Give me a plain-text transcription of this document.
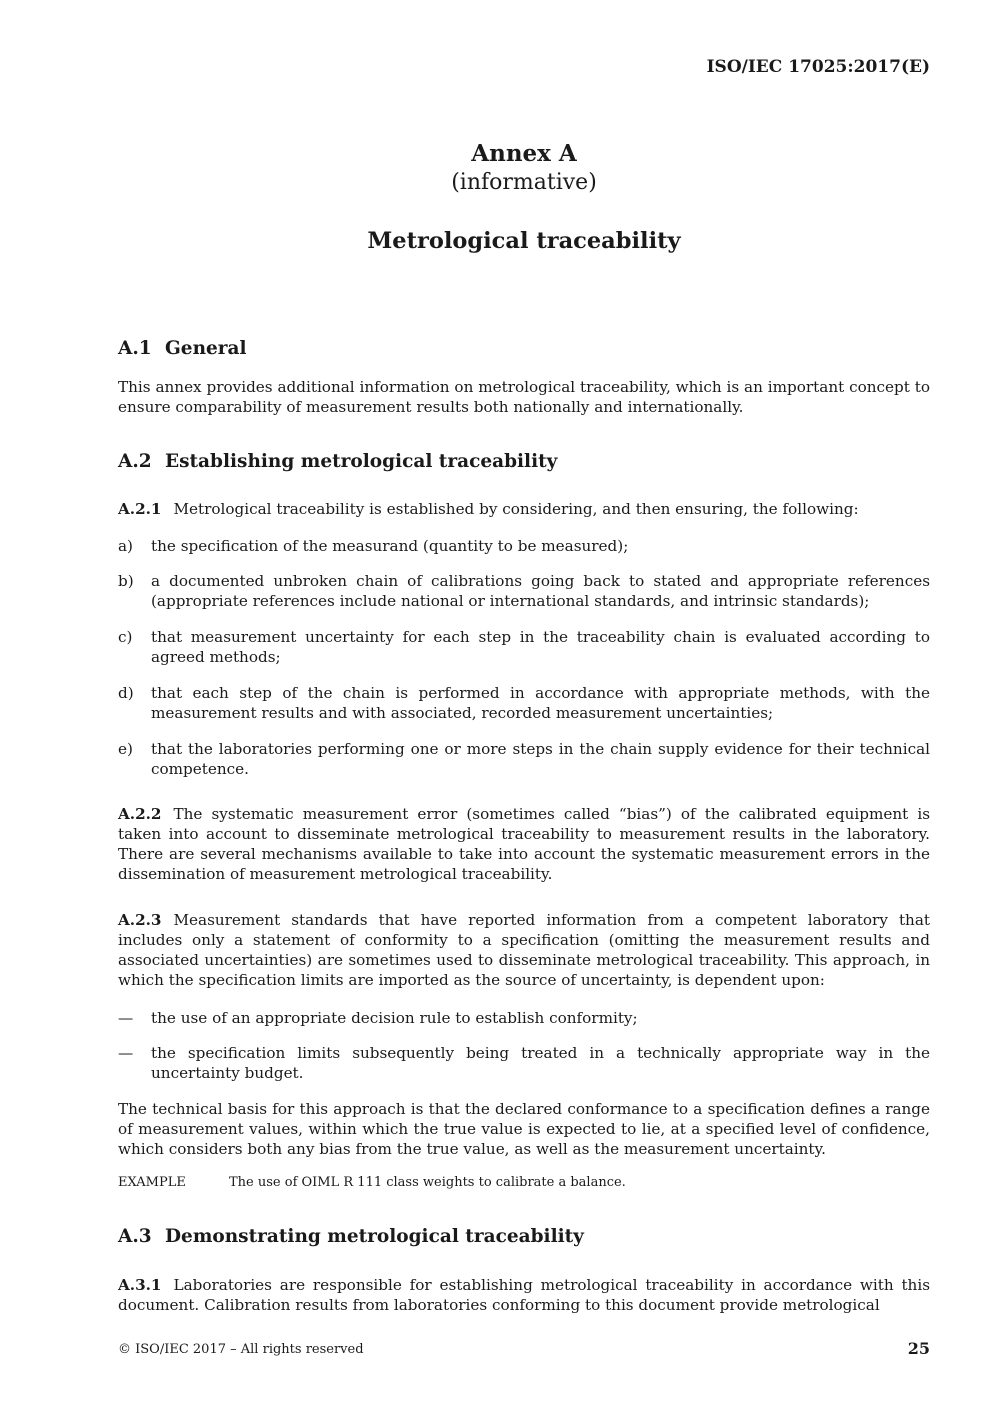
ISO/IEC 17025:2017(E)
Annex A
(informative)
Metrological traceability
A.1 General
This annex provides additional information on metrological traceability, which is an important concept to ensure comparability of measurement results both nationally and internationally.
A.2 Establishing metrological traceability
A.2.1 Metrological traceability is established by considering, and then ensuring, the following:
a)	the specification of the measurand (quantity to be measured);
b)	a documented unbroken chain of calibrations going back to stated and appropriate references (appropriate references include national or international standards, and intrinsic standards);
c)	that measurement uncertainty for each step in the traceability chain is evaluated according to agreed methods;
d)	that each step of the chain is performed in accordance with appropriate methods, with the measurement results and with associated, recorded measurement uncertainties;
e)	that the laboratories performing one or more steps in the chain supply evidence for their technical competence.
A.2.2 The systematic measurement error (sometimes called “bias”) of the calibrated equipment is taken into account to disseminate metrological traceability to measurement results in the laboratory. There are several mechanisms available to take into account the systematic measurement errors in the dissemination of measurement metrological traceability.
A.2.3 Measurement standards that have reported information from a competent laboratory that includes only a statement of conformity to a specification (omitting the measurement results and associated uncertainties) are sometimes used to disseminate metrological traceability. This approach, in which the specification limits are imported as the source of uncertainty, is dependent upon:
—	the use of an appropriate decision rule to establish conformity;
—	the specification limits subsequently being treated in a technically appropriate way in the uncertainty budget.
The technical basis for this approach is that the declared conformance to a specification defines a range of measurement values, within which the true value is expected to lie, at a specified level of confidence, which considers both any bias from the true value, as well as the measurement uncertainty.
EXAMPLE	The use of OIML R 111 class weights to calibrate a balance.
A.3 Demonstrating metrological traceability
A.3.1 Laboratories are responsible for establishing metrological traceability in accordance with this document. Calibration results from laboratories conforming to this document provide metrological
© ISO/IEC 2017 – All rights reserved	25
